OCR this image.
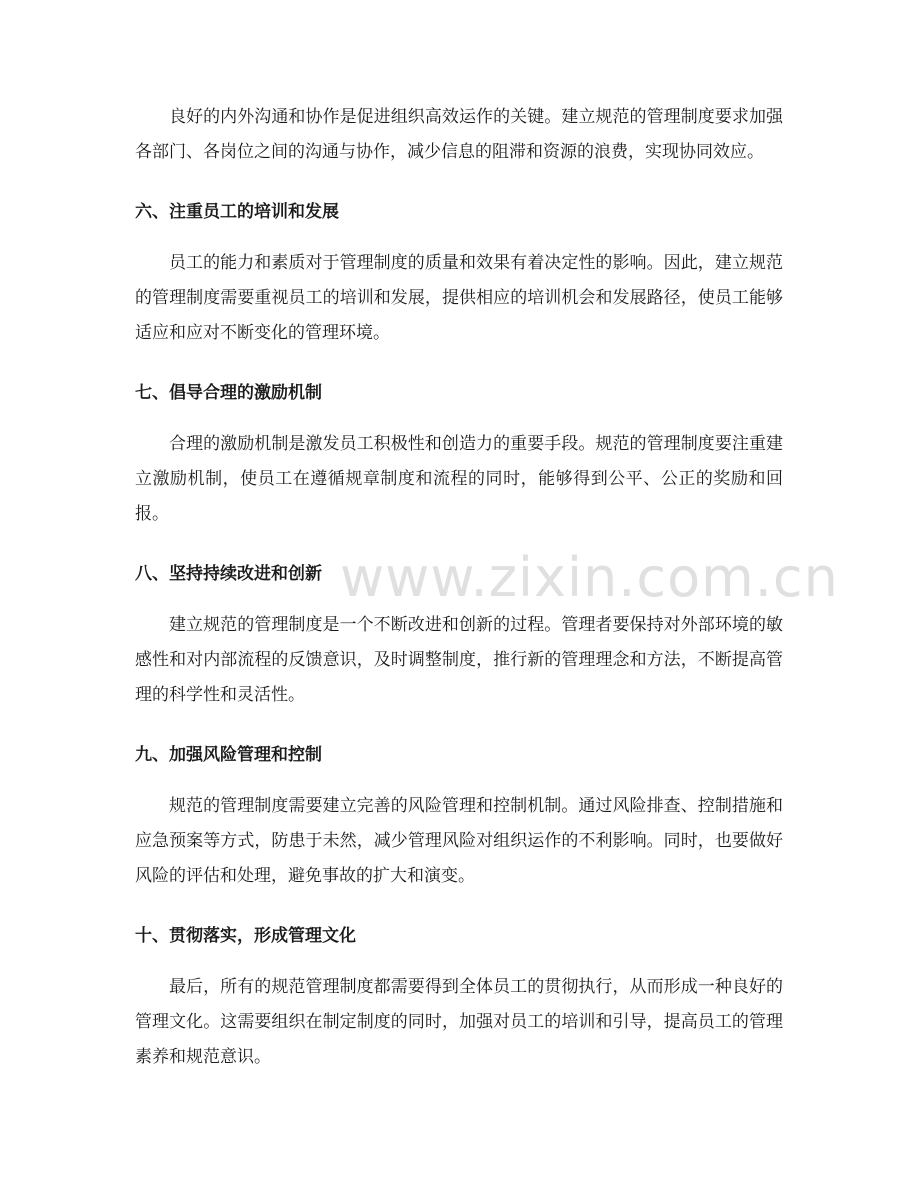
良好的内外沟通和协作是促进组织高效运作的关键。建立规范的管理制度要求加强各部门、各岗位之间的沟通与协作，减少信息的阻滞和资源的浪费，实现协同效应。

六、注重员工的培训和发展

员工的能力和素质对于管理制度的质量和效果有着决定性的影响。因此，建立规范的管理制度需要重视员工的培训和发展，提供相应的培训机会和发展路径，使员工能够适应和应对不断变化的管理环境。

七、倡导合理的激励机制

合理的激励机制是激发员工积极性和创造力的重要手段。规范的管理制度要注重建立激励机制，使员工在遵循规章制度和流程的同时，能够得到公平、公正的奖励和回报。

八、坚持持续改进和创新

建立规范的管理制度是一个不断改进和创新的过程。管理者要保持对外部环境的敏感性和对内部流程的反馈意识，及时调整制度，推行新的管理理念和方法，不断提高管理的科学性和灵活性。

九、加强风险管理和控制

规范的管理制度需要建立完善的风险管理和控制机制。通过风险排查、控制措施和应急预案等方式，防患于未然，减少管理风险对组织运作的不利影响。同时，也要做好风险的评估和处理，避免事故的扩大和演变。

十、贯彻落实，形成管理文化

最后，所有的规范管理制度都需要得到全体员工的贯彻执行，从而形成一种良好的管理文化。这需要组织在制定制度的同时，加强对员工的培训和引导，提高员工的管理素养和规范意识。

www.zixin.com.cn
